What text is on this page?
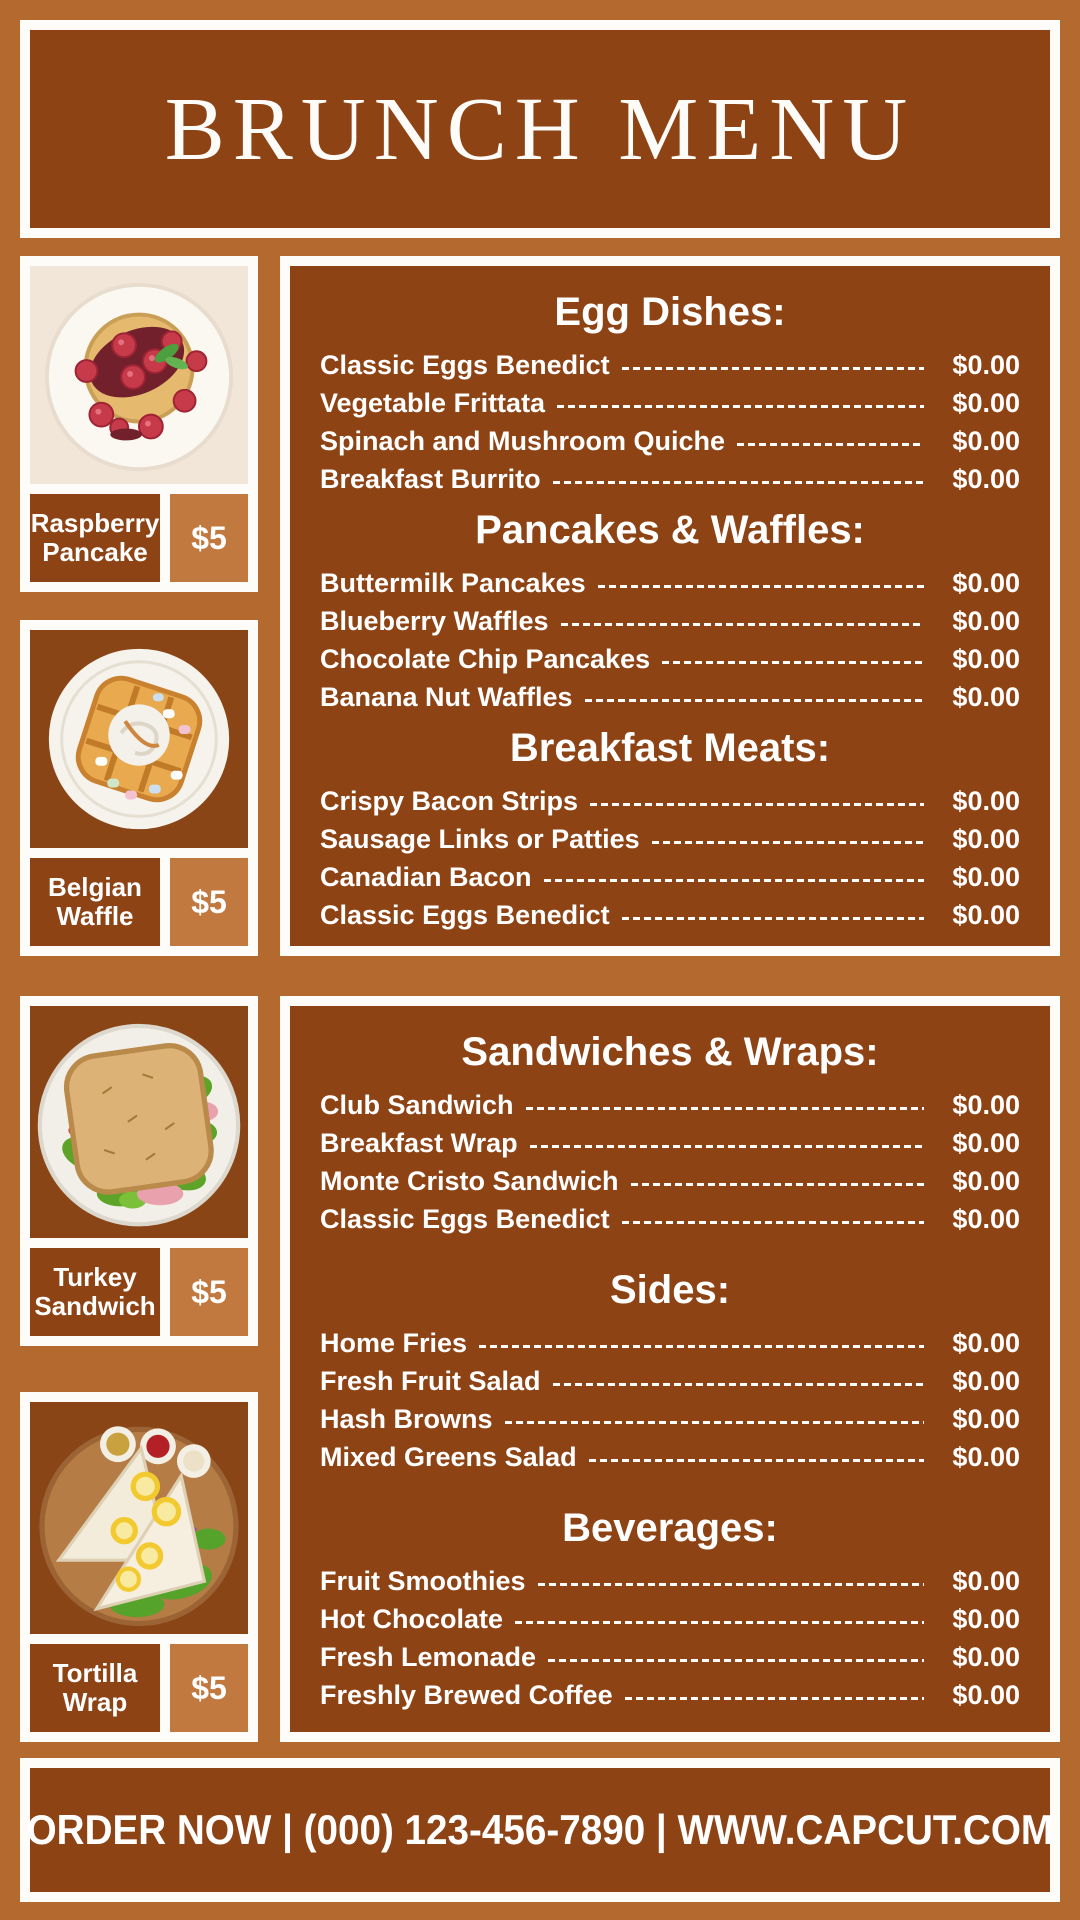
BRUNCH MENU
Raspberry Pancake	$5
Belgian Waffle	$5
Egg Dishes:
Classic Eggs Benedict	$0.00
Vegetable Frittata	$0.00
Spinach and Mushroom Quiche	$0.00
Breakfast Burrito	$0.00
Pancakes & Waffles:
Buttermilk Pancakes	$0.00
Blueberry Waffles	$0.00
Chocolate Chip Pancakes	$0.00
Banana Nut Waffles	$0.00
Breakfast Meats:
Crispy Bacon Strips	$0.00
Sausage Links or Patties	$0.00
Canadian Bacon	$0.00
Classic Eggs Benedict	$0.00
Turkey Sandwich	$5
Tortilla Wrap	$5
Sandwiches & Wraps:
Club Sandwich	$0.00
Breakfast Wrap	$0.00
Monte Cristo Sandwich	$0.00
Classic Eggs Benedict	$0.00
Sides:
Home Fries	$0.00
Fresh Fruit Salad	$0.00
Hash Browns	$0.00
Mixed Greens Salad	$0.00
Beverages:
Fruit Smoothies	$0.00
Hot Chocolate	$0.00
Fresh Lemonade	$0.00
Freshly Brewed Coffee	$0.00
ORDER NOW | (000) 123-456-7890 | WWW.CAPCUT.COM
